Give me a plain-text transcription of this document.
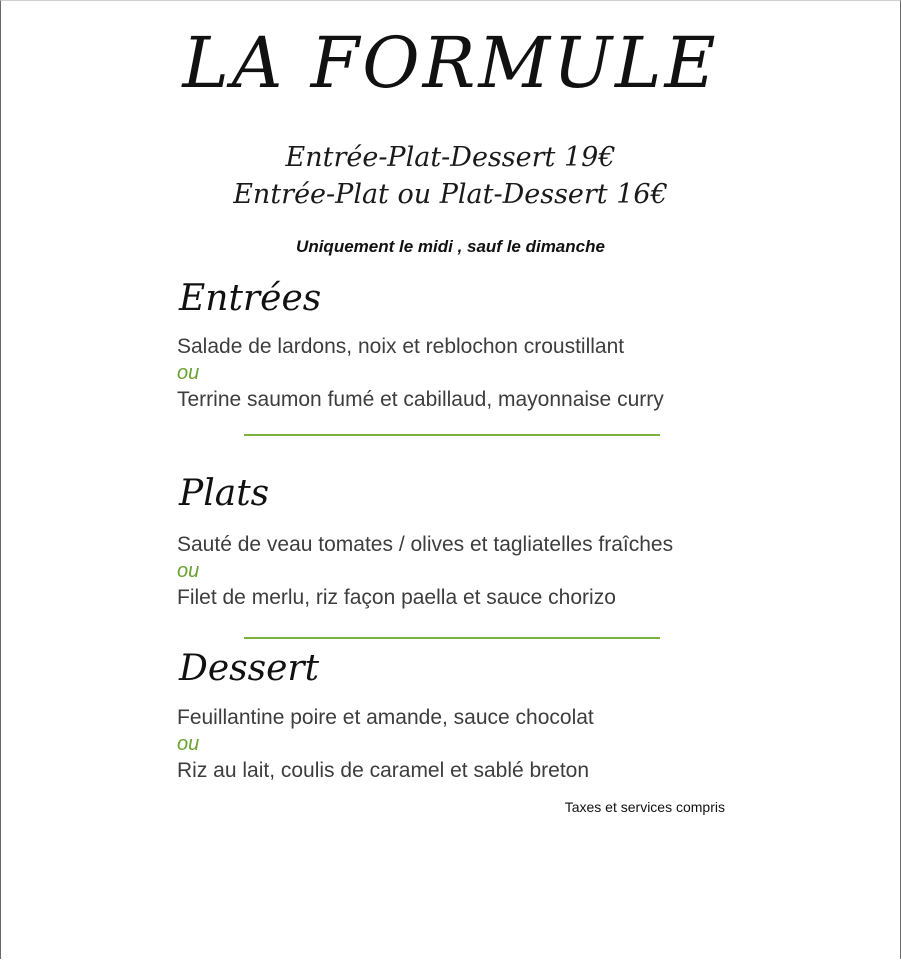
LA FORMULE
Entrée-Plat-Dessert 19€
Entrée-Plat ou Plat-Dessert 16€
Uniquement le midi , sauf le dimanche
Entrées
Salade de lardons, noix et reblochon croustillant
ou
Terrine saumon fumé et cabillaud, mayonnaise curry
Plats
Sauté de veau tomates / olives et tagliatelles fraîches
ou
Filet de merlu, riz façon paella et sauce chorizo
Dessert
Feuillantine poire et amande, sauce chocolat
ou
Riz au lait, coulis de caramel et sablé breton
Taxes et services compris
